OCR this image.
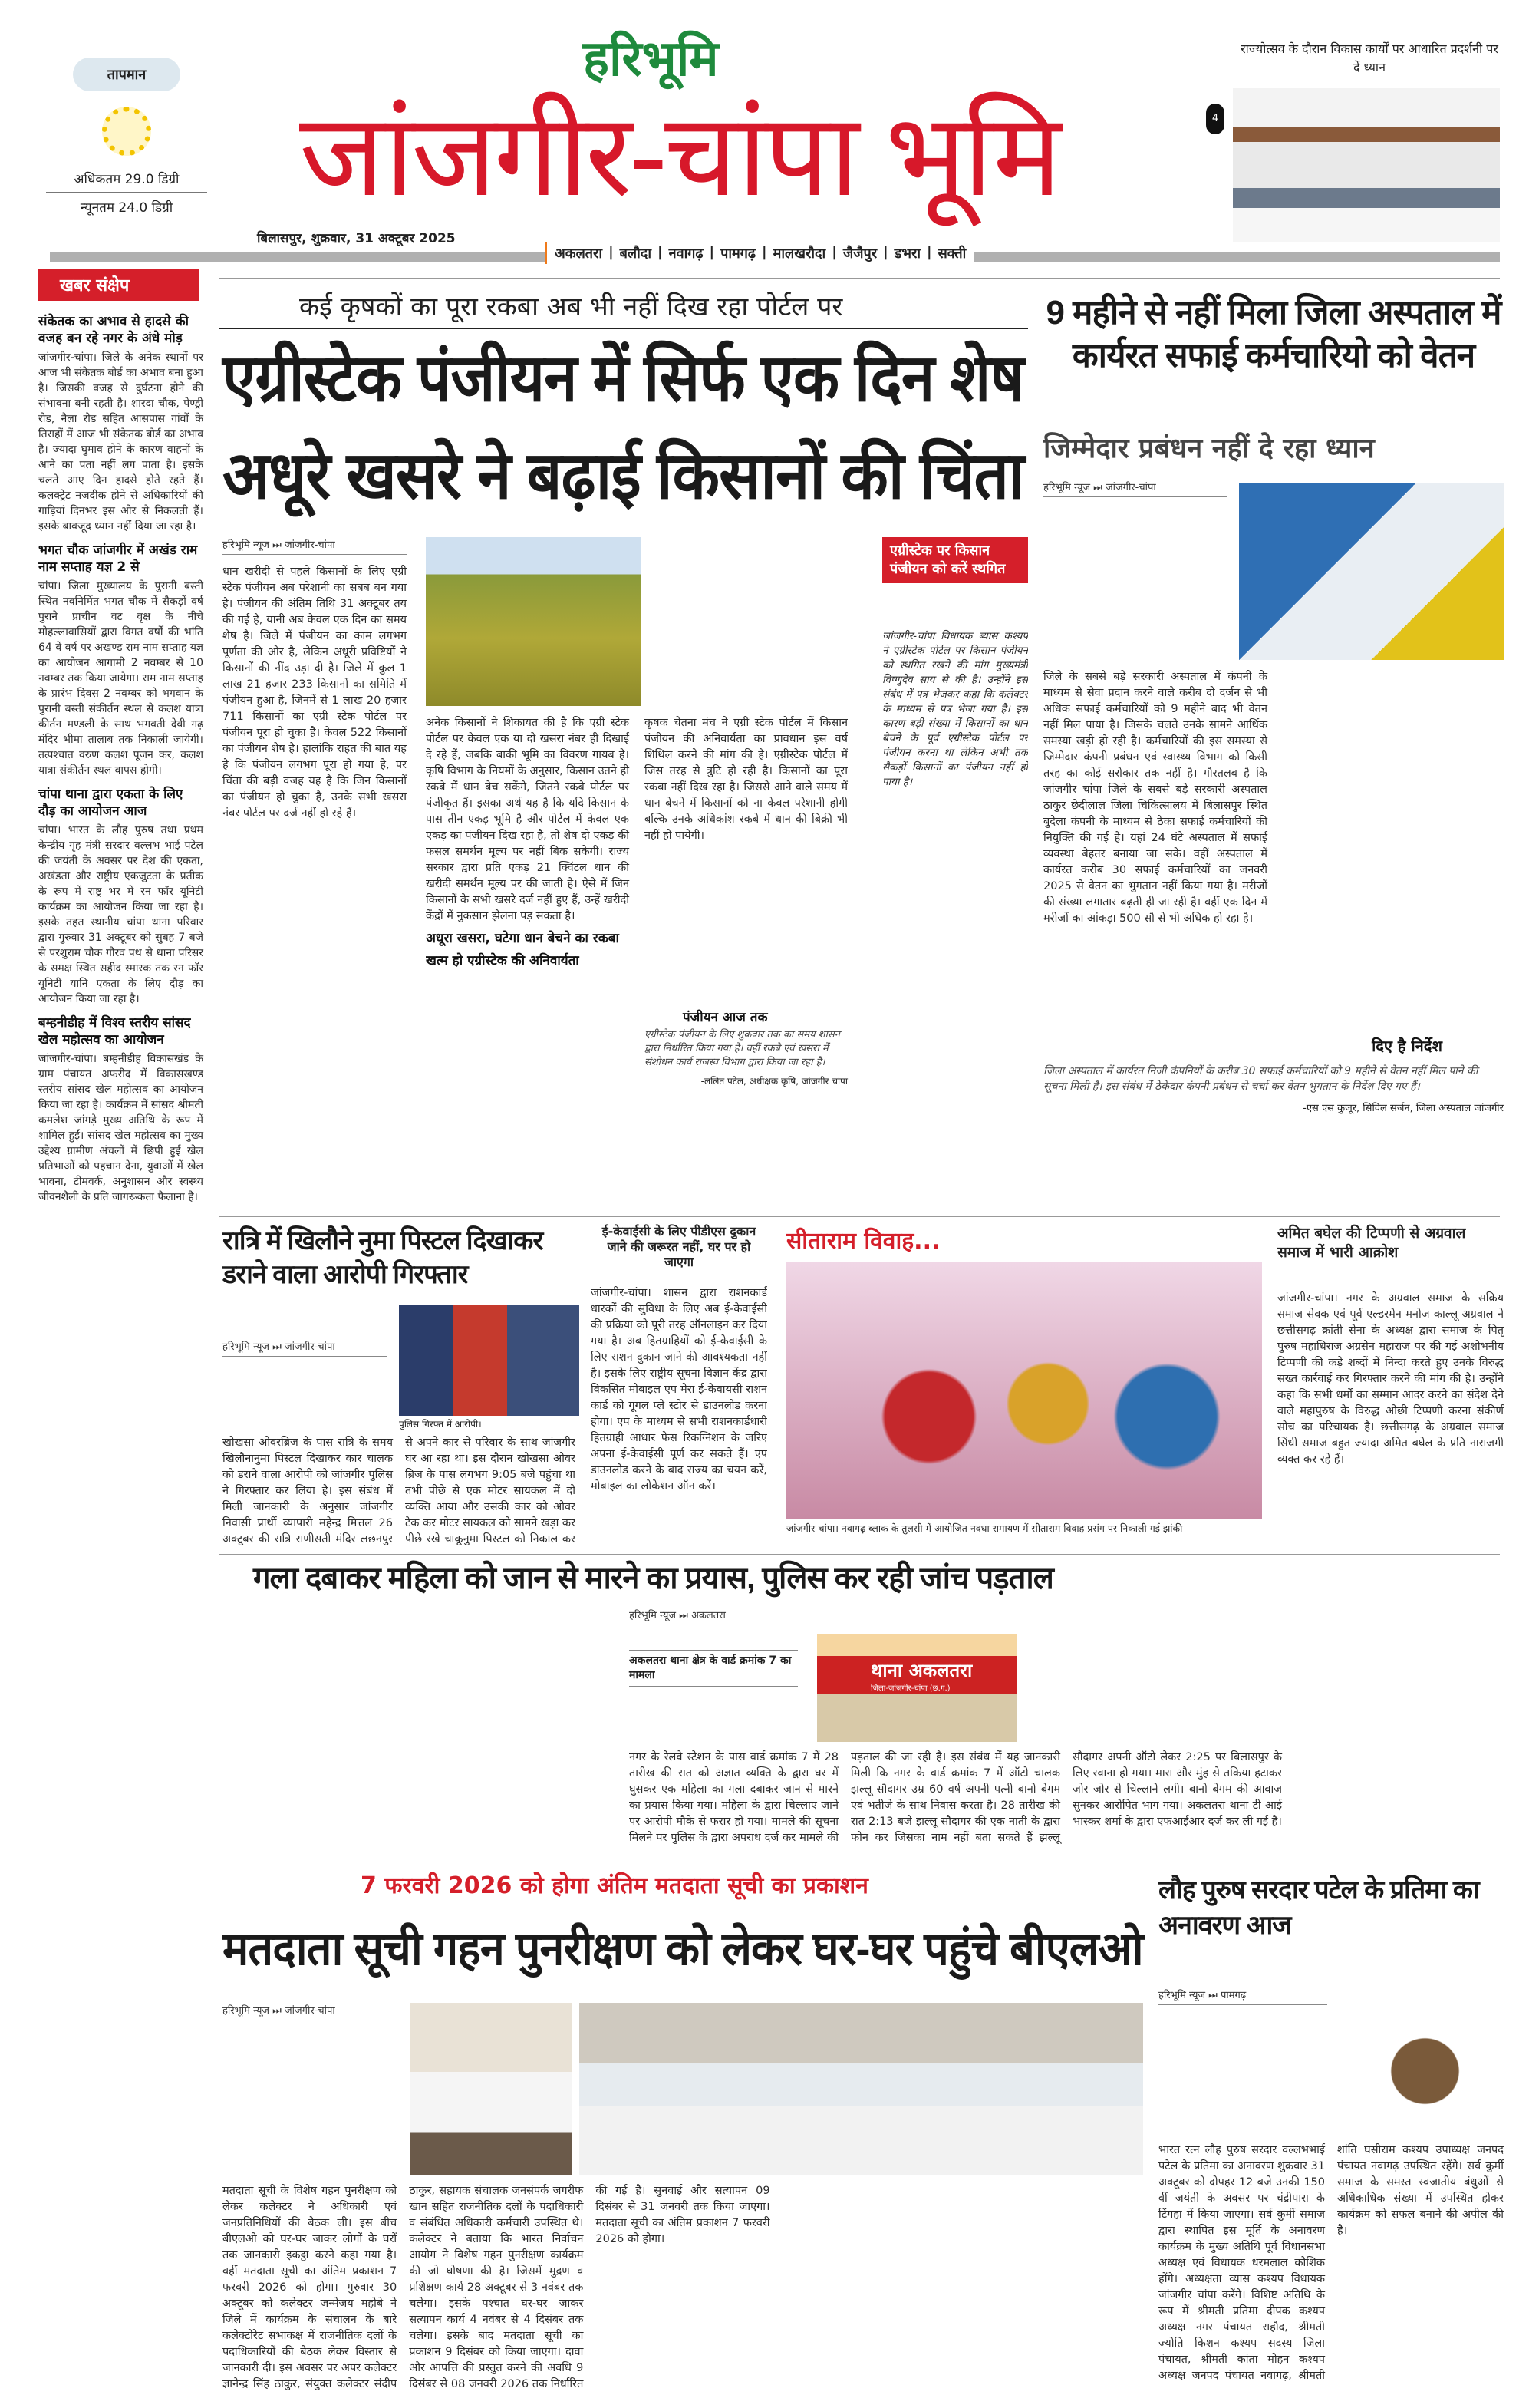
तापमान
अधिकतम 29.0 डिग्री
न्यूनतम 24.0 डिग्री
हरिभूमि
जांजगीर-चांपा भूमि
बिलासपुर, शुक्रवार, 31 अक्टूबर 2025
अकलतरा | बलौदा | नवागढ़ | पामगढ़ | मालखरौदा | जैजैपुर | डभरा | सक्ती
राज्योत्सव के दौरान विकास कार्यों पर आधारित प्रदर्शनी पर दें ध्यान
4
खबर संक्षेप
संकेतक का अभाव से हादसे की वजह बन रहे नगर के अंधे मोड़
जांजगीर-चांपा। जिले के अनेक स्थानों पर आज भी संकेतक बोर्ड का अभाव बना हुआ है। जिसकी वजह से दुर्घटना होने की संभावना बनी रहती है। शारदा चौक, पेण्ड्री रोड, नैला रोड सहित आसपास गांवों के तिराहों में आज भी संकेतक बोर्ड का अभाव है। ज्यादा घुमाव होने के कारण वाहनों के आने का पता नहीं लग पाता है। इसके चलते आए दिन हादसे होते रहते हैं। कलक्ट्रेट नजदीक होने से अधिकारियों की गाड़ियां दिनभर इस ओर से निकलती हैं। इसके बावजूद ध्यान नहीं दिया जा रहा है।
भगत चौक जांजगीर में अखंड राम नाम सप्ताह यज्ञ 2 से
चांपा। जिला मुख्यालय के पुरानी बस्ती स्थित नवनिर्मित भगत चौक में सैकड़ों वर्ष पुराने प्राचीन वट वृक्ष के नीचे मोहल्लावासियों द्वारा विगत वर्षों की भांति 64 वें वर्ष पर अखण्ड राम नाम सप्ताह यज्ञ का आयोजन आगामी 2 नवम्बर से 10 नवम्बर तक किया जायेगा। राम नाम सप्ताह के प्रारंभ दिवस 2 नवम्बर को भगवान के पुरानी बस्ती संकीर्तन स्थल से कलश यात्रा कीर्तन मण्डली के साथ भगवती देवी गढ़ मंदिर भीमा तालाब तक निकाली जायेगी। तत्पश्चात वरुण कलश पूजन कर, कलश यात्रा संकीर्तन स्थल वापस होगी।
चांपा थाना द्वारा एकता के लिए दौड़ का आयोजन आज
चांपा। भारत के लौह पुरुष तथा प्रथम केन्द्रीय गृह मंत्री सरदार वल्लभ भाई पटेल की जयंती के अवसर पर देश की एकता, अखंडता और राष्ट्रीय एकजुटता के प्रतीक के रूप में राष्ट्र भर में रन फॉर यूनिटी कार्यक्रम का आयोजन किया जा रहा है। इसके तहत स्थानीय चांपा थाना परिवार द्वारा गुरुवार 31 अक्टूबर को सुबह 7 बजे से परशुराम चौक गौरव पथ से थाना परिसर के समक्ष स्थित सहीद स्मारक तक रन फॉर यूनिटी यानि एकता के लिए दौड़ का आयोजन किया जा रहा है।
बम्हनीडीह में विश्व स्तरीय सांसद खेल महोत्सव का आयोजन
जांजगीर-चांपा। बम्हनीडीह विकासखंड के ग्राम पंचायत अफरीद में विकासखण्ड स्तरीय सांसद खेल महोत्सव का आयोजन किया जा रहा है। कार्यक्रम में सांसद श्रीमती कमलेश जांगड़े मुख्य अतिथि के रूप में शामिल हुईं। सांसद खेल महोत्सव का मुख्य उद्देश्य ग्रामीण अंचलों में छिपी हुई खेल प्रतिभाओं को पहचान देना, युवाओं में खेल भावना, टीमवर्क, अनुशासन और स्वस्थ्य जीवनशैली के प्रति जागरूकता फैलाना है।
कई कृषकों का पूरा रकबा अब भी नहीं दिख रहा पोर्टल पर
एग्रीस्टेक पंजीयन में सिर्फ एक दिन शेष
अधूरे खसरे ने बढ़ाई किसानों की चिंता
हरिभूमि न्यूज ⏭ जांजगीर-चांपा
धान खरीदी से पहले किसानों के लिए एग्री स्टेक पंजीयन अब परेशानी का सबब बन गया है। पंजीयन की अंतिम तिथि 31 अक्टूबर तय की गई है, यानी अब केवल एक दिन का समय शेष है। जिले में पंजीयन का काम लगभग पूर्णता की ओर है, लेकिन अधूरी प्रविष्टियों ने किसानों की नींद उड़ा दी है। जिले में कुल 1 लाख 21 हजार 233 किसानों का समिति में पंजीयन हुआ है, जिनमें से 1 लाख 20 हजार 711 किसानों का एग्री स्टेक पोर्टल पर पंजीयन पूरा हो चुका है। केवल 522 किसानों का पंजीयन शेष है। हालांकि राहत की बात यह है कि पंजीयन लगभग पूरा हो गया है, पर चिंता की बड़ी वजह यह है कि जिन किसानों का पंजीयन हो चुका है, उनके सभी खसरा नंबर पोर्टल पर दर्ज नहीं हो रहे हैं।
अनेक किसानों ने शिकायत की है कि एग्री स्टेक पोर्टल पर केवल एक या दो खसरा नंबर ही दिखाई दे रहे हैं, जबकि बाकी भूमि का विवरण गायब है। कृषि विभाग के नियमों के अनुसार, किसान उतने ही रकबे में धान बेच सकेंगे, जितने रकबे पोर्टल पर पंजीकृत हैं। इसका अर्थ यह है कि यदि किसान के पास तीन एकड़ भूमि है और पोर्टल में केवल एक एकड़ का पंजीयन दिख रहा है, तो शेष दो एकड़ की फसल समर्थन मूल्य पर नहीं बिक सकेगी। राज्य सरकार द्वारा प्रति एकड़ 21 क्विंटल धान की खरीदी समर्थन मूल्य पर की जाती है। ऐसे में जिन किसानों के सभी खसरे दर्ज नहीं हुए हैं, उन्हें खरीदी केंद्रों में नुकसान झेलना पड़ सकता है।
अधूरा खसरा, घटेगा धान बेचने का रकबा
खत्म हो एग्रीस्टेक की अनिवार्यता
कृषक चेतना मंच ने एग्री स्टेक पोर्टल में किसान पंजीयन की अनिवार्यता का प्रावधान इस वर्ष शिथिल करने की मांग की है। एग्रीस्टेक पोर्टल में जिस तरह से त्रुटि हो रही है। किसानों का पूरा रकबा नहीं दिख रहा है। जिससे आने वाले समय में धान बेचने में किसानों को ना केवल परेशानी होगी बल्कि उनके अधिकांश रकबे में धान की बिक्री भी नहीं हो पायेगी।
पंजीयन आज तक
एग्रीस्टेक पंजीयन के लिए शुक्रवार तक का समय शासन द्वारा निर्धारित किया गया है। वहीं रकबे एवं खसरा में संशोधन कार्य राजस्व विभाग द्वारा किया जा रहा है।
-ललित पटेल, अधीक्षक कृषि, जांजगीर चांपा
एग्रीस्टेक पर किसान पंजीयन को करें स्थगित
जांजगीर-चांपा विधायक ब्यास कश्यप ने एग्रीस्टेक पोर्टल पर किसान पंजीयन को स्थगित रखने की मांग मुख्यमंत्री विष्णुदेव साय से की है। उन्होंने इस संबंध में पत्र भेजकर कहा कि कलेक्टर के माध्यम से पत्र भेजा गया है। इस कारण बड़ी संख्या में किसानों का धान बेचने के पूर्व एग्रीस्टेक पोर्टल पर पंजीयन करना था लेकिन अभी तक सैकड़ों किसानों का पंजीयन नहीं हो पाया है।
9 महीने से नहीं मिला जिला अस्पताल में कार्यरत सफाई कर्मचारियो को वेतन
जिम्मेदार प्रबंधन नहीं दे रहा ध्यान
हरिभूमि न्यूज ⏭ जांजगीर-चांपा
जिले के सबसे बड़े सरकारी अस्पताल में कंपनी के माध्यम से सेवा प्रदान करने वाले करीब दो दर्जन से भी अधिक सफाई कर्मचारियों को 9 महीने बाद भी वेतन नहीं मिल पाया है। जिसके चलते उनके सामने आर्थिक समस्या खड़ी हो रही है। कर्मचारियों की इस समस्या से जिम्मेदार कंपनी प्रबंधन एवं स्वास्थ्य विभाग को किसी तरह का कोई सरोकार तक नहीं है। गौरतलब है कि जांजगीर चांपा जिले के सबसे बड़े सरकारी अस्पताल ठाकुर छेदीलाल जिला चिकित्सालय में बिलासपुर स्थित बुदेला कंपनी के माध्यम से ठेका सफाई कर्मचारियों की नियुक्ति की गई है। यहां 24 घंटे अस्पताल में सफाई व्यवस्था बेहतर बनाया जा सके। वहीं अस्पताल में कार्यरत करीब 30 सफाई कर्मचारियों का जनवरी 2025 से वेतन का भुगतान नहीं किया गया है। मरीजों की संख्या लगातार बढ़ती ही जा रही है। वहीं एक दिन में मरीजों का आंकड़ा 500 सौ से भी अधिक हो रहा है।
दिए है निर्देश
जिला अस्पताल में कार्यरत निजी कंपनियों के करीब 30 सफाई कर्मचारियों को 9 महीने से वेतन नहीं मिल पाने की सूचना मिली है। इस संबंध में ठेकेदार कंपनी प्रबंधन से चर्चा कर वेतन भुगतान के निर्देश दिए गए हैं।
-एस एस कुजूर, सिविल सर्जन, जिला अस्पताल जांजगीर
रात्रि में खिलौने नुमा पिस्टल दिखाकर डराने वाला आरोपी गिरफ्तार
हरिभूमि न्यूज ⏭ जांजगीर-चांपा
पुलिस गिरफ्त में आरोपी।
खोखसा ओवरब्रिज के पास रात्रि के समय खिलौनानुमा पिस्टल दिखाकर कार चालक को डराने वाला आरोपी को जांजगीर पुलिस ने गिरफ्तार कर लिया है। इस संबंध में मिली जानकारी के अनुसार जांजगीर निवासी प्रार्थी व्यापारी महेन्द्र मित्तल 26 अक्टूबर की रात्रि राणीसती मंदिर लछनपुर से अपने कार से परिवार के साथ जांजगीर घर आ रहा था। इस दौरान खोखसा ओवर ब्रिज के पास लगभग 9:05 बजे पहुंचा था तभी पीछे से एक मोटर सायकल में दो व्यक्ति आया और उसकी कार को ओवर टेक कर मोटर सायकल को सामने खड़ा कर पीछे रखे चाकूनुमा पिस्टल को निकाल कर
ई-केवाईसी के लिए पीडीएस दुकान जाने की जरूरत नहीं, घर पर हो जाएगा
जांजगीर-चांपा। शासन द्वारा राशनकार्ड धारकों की सुविधा के लिए अब ई-केवाईसी की प्रक्रिया को पूरी तरह ऑनलाइन कर दिया गया है। अब हितग्राहियों को ई-केवाईसी के लिए राशन दुकान जाने की आवश्यकता नहीं है। इसके लिए राष्ट्रीय सूचना विज्ञान केंद्र द्वारा विकसित मोबाइल एप मेरा ई-केवायसी राशन कार्ड को गूगल प्ले स्टोर से डाउनलोड करना होगा। एप के माध्यम से सभी राशनकार्डधारी हितग्राही आधार फेस रिकग्निशन के जरिए अपना ई-केवाईसी पूर्ण कर सकते हैं। एप डाउनलोड करने के बाद राज्य का चयन करें, मोबाइल का लोकेशन ऑन करें।
सीताराम विवाह...
जांजगीर-चांपा। नवागढ़ ब्लाक के तुलसी में आयोजित नवधा रामायण में सीताराम विवाह प्रसंग पर निकाली गई झांकी
अमित बघेल की टिप्पणी से अग्रवाल समाज में भारी आक्रोश
जांजगीर-चांपा। नगर के अग्रवाल समाज के सक्रिय समाज सेवक एवं पूर्व एल्डरमेन मनोज काल्लू अग्रवाल ने छत्तीसगढ़ क्रांती सेना के अध्यक्ष द्वारा समाज के पितृ पुरुष महाधिराज अग्रसेन महाराज पर की गई अशोभनीय टिप्पणी की कड़े शब्दों में निन्दा करते हुए उनके विरुद्ध सख्त कार्रवाई कर गिरफ्तार करने की मांग की है। उन्होंने कहा कि सभी धर्मों का सम्मान आदर करने का संदेश देने वाले महापुरुष के विरुद्ध ओछी टिप्पणी करना संकीर्ण सोच का परिचायक है। छत्तीसगढ़ के अग्रवाल समाज सिंधी समाज बहुत ज्यादा अमित बघेल के प्रति नाराजगी व्यक्त कर रहे हैं।
गला दबाकर महिला को जान से मारने का प्रयास, पुलिस कर रही जांच पड़ताल
हरिभूमि न्यूज ⏭ अकलतरा
अकलतरा थाना क्षेत्र के वार्ड क्रमांक 7 का मामला	थाना अकलतरा
जिला-जांजगीर-चांपा (छ.ग.)
नगर के रेलवे स्टेशन के पास वार्ड क्रमांक 7 में 28 तारीख की रात को अज्ञात व्यक्ति के द्वारा घर में घुसकर एक महिला का गला दबाकर जान से मारने का प्रयास किया गया। महिला के द्वारा चिल्लाए जाने पर आरोपी मौके से फरार हो गया। मामले की सूचना मिलने पर पुलिस के द्वारा अपराध दर्ज कर मामले की पड़ताल की जा रही है। इस संबंध में यह जानकारी मिली कि नगर के वार्ड क्रमांक 7 में ऑटो चालक झल्लू सौदागर उम्र 60 वर्ष अपनी पत्नी बानो बेगम एवं भतीजे के साथ निवास करता है। 28 तारीख की रात 2:13 बजे झल्लू सौदागर की एक नाती के द्वारा फोन कर जिसका नाम नहीं बता सकते हैं झल्लू सौदागर अपनी ऑटो लेकर 2:25 पर बिलासपुर के लिए रवाना हो गया। मारा और मुंह से तकिया हटाकर जोर जोर से चिल्लाने लगी। बानो बेगम की आवाज सुनकर आरोपित भाग गया। अकलतरा थाना टी आई भास्कर शर्मा के द्वारा एफआईआर दर्ज कर ली गई है।
7 फरवरी 2026 को होगा अंतिम मतदाता सूची का प्रकाशन
मतदाता सूची गहन पुनरीक्षण को लेकर घर-घर पहुंचे बीएलओ
हरिभूमि न्यूज ⏭ जांजगीर-चांपा
मतदाता सूची के विशेष गहन पुनरीक्षण को लेकर कलेक्टर ने अधिकारी एवं जनप्रतिनिधियों की बैठक ली। इस बीच बीएलओ को घर-घर जाकर लोगों के घरों तक जानकारी इकट्ठा करने कहा गया है। वहीं मतदाता सूची का अंतिम प्रकाशन 7 फरवरी 2026 को होगा। गुरुवार 30 अक्टूबर को कलेक्टर जन्मेजय महोबे ने जिले में कार्यक्रम के संचालन के बारे कलेक्टोरेट सभाकक्ष में राजनीतिक दलों के पदाधिकारियों की बैठक लेकर विस्तार से जानकारी दी। इस अवसर पर अपर कलेक्टर ज्ञानेन्द्र सिंह ठाकुर, संयुक्त कलेक्टर संदीप ठाकुर, सहायक संचालक जनसंपर्क जगरीफ खान सहित राजनीतिक दलों के पदाधिकारी व संबंधित अधिकारी कर्मचारी उपस्थित थे। कलेक्टर ने बताया कि भारत निर्वाचन आयोग ने विशेष गहन पुनरीक्षण कार्यक्रम की जो घोषणा की है। जिसमें मुद्रण व प्रशिक्षण कार्य 28 अक्टूबर से 3 नवंबर तक चलेगा। इसके पश्चात घर-घर जाकर सत्यापन कार्य 4 नवंबर से 4 दिसंबर तक चलेगा। इसके बाद मतदाता सूची का प्रकाशन 9 दिसंबर को किया जाएगा। दावा और आपत्ति की प्रस्तुत करने की अवधि 9 दिसंबर से 08 जनवरी 2026 तक निर्धारित की गई है। सुनवाई और सत्यापन 09 दिसंबर से 31 जनवरी तक किया जाएगा। मतदाता सूची का अंतिम प्रकाशन 7 फरवरी 2026 को होगा।
लौह पुरुष सरदार पटेल के प्रतिमा का अनावरण आज
हरिभूमि न्यूज ⏭ पामगढ़
भारत रत्न लौह पुरुष सरदार वल्लभभाई पटेल के प्रतिमा का अनावरण शुक्रवार 31 अक्टूबर को दोपहर 12 बजे उनकी 150 वीं जयंती के अवसर पर चंद्रीपारा के टिंगहा में किया जाएगा। सर्व कुर्मी समाज द्वारा स्थापित इस मूर्ति के अनावरण कार्यक्रम के मुख्य अतिथि पूर्व विधानसभा अध्यक्ष एवं विधायक धरमलाल कौशिक होंगे। अध्यक्षता व्यास कश्यप विधायक जांजगीर चांपा करेंगे। विशिष्ट अतिथि के रूप में श्रीमती प्रतिमा दीपक कश्यप अध्यक्ष नगर पंचायत राहौद, श्रीमती ज्योति किशन कश्यप सदस्य जिला पंचायत, श्रीमती कांता मोहन कश्यप अध्यक्ष जनपद पंचायत नवागढ़, श्रीमती शांति घसीराम कश्यप उपाध्यक्ष जनपद पंचायत नवागढ़ उपस्थित रहेंगे। सर्व कुर्मी समाज के समस्त स्वजातीय बंधुओं से अधिकाधिक संख्या में उपस्थित होकर कार्यक्रम को सफल बनाने की अपील की है।
